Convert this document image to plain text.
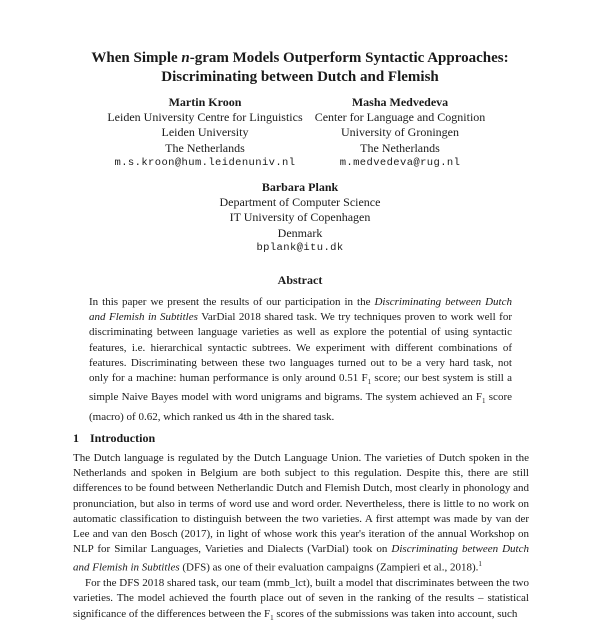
When Simple n-gram Models Outperform Syntactic Approaches:
Discriminating between Dutch and Flemish
Martin Kroon
Leiden University Centre for Linguistics
Leiden University
The Netherlands
m.s.kroon@hum.leidenuniv.nl
Masha Medvedeva
Center for Language and Cognition
University of Groningen
The Netherlands
m.medvedeva@rug.nl
Barbara Plank
Department of Computer Science
IT University of Copenhagen
Denmark
bplank@itu.dk
Abstract

In this paper we present the results of our participation in the Discriminating between Dutch and Flemish in Subtitles VarDial 2018 shared task. We try techniques proven to work well for discriminating between language varieties as well as explore the potential of using syntactic features, i.e. hierarchical syntactic subtrees. We experiment with different combinations of features. Discriminating between these two languages turned out to be a very hard task, not only for a machine: human performance is only around 0.51 $F_1$ score; our best system is still a simple Naive Bayes model with word unigrams and bigrams. The system achieved an $F_1$ score (macro) of 0.62, which ranked us 4th in the shared task.

1 Introduction

The Dutch language is regulated by the Dutch Language Union. The varieties of Dutch spoken in the Netherlands and spoken in Belgium are both subject to this regulation. Despite this, there are still differences to be found between Netherlandic Dutch and Flemish Dutch, most clearly in phonology and pronunciation, but also in terms of word use and word order. Nevertheless, there is little to no work on automatic classification to distinguish between the two varieties. A first attempt was made by van der Lee and van den Bosch (2017), in light of whose work this year's iteration of the annual Workshop on NLP for Similar Languages, Varieties and Dialects (VarDial) took on Discriminating between Dutch and Flemish in Subtitles (DFS) as one of their evaluation campaigns (Zampieri et al., 2018).$^1$

For the DFS 2018 shared task, our team (mmb_lct), built a model that discriminates between the two varieties. The model achieved the fourth place out of seven in the ranking of the results – statistical significance of the differences between the $F_1$ scores of the submissions was taken into account, such
